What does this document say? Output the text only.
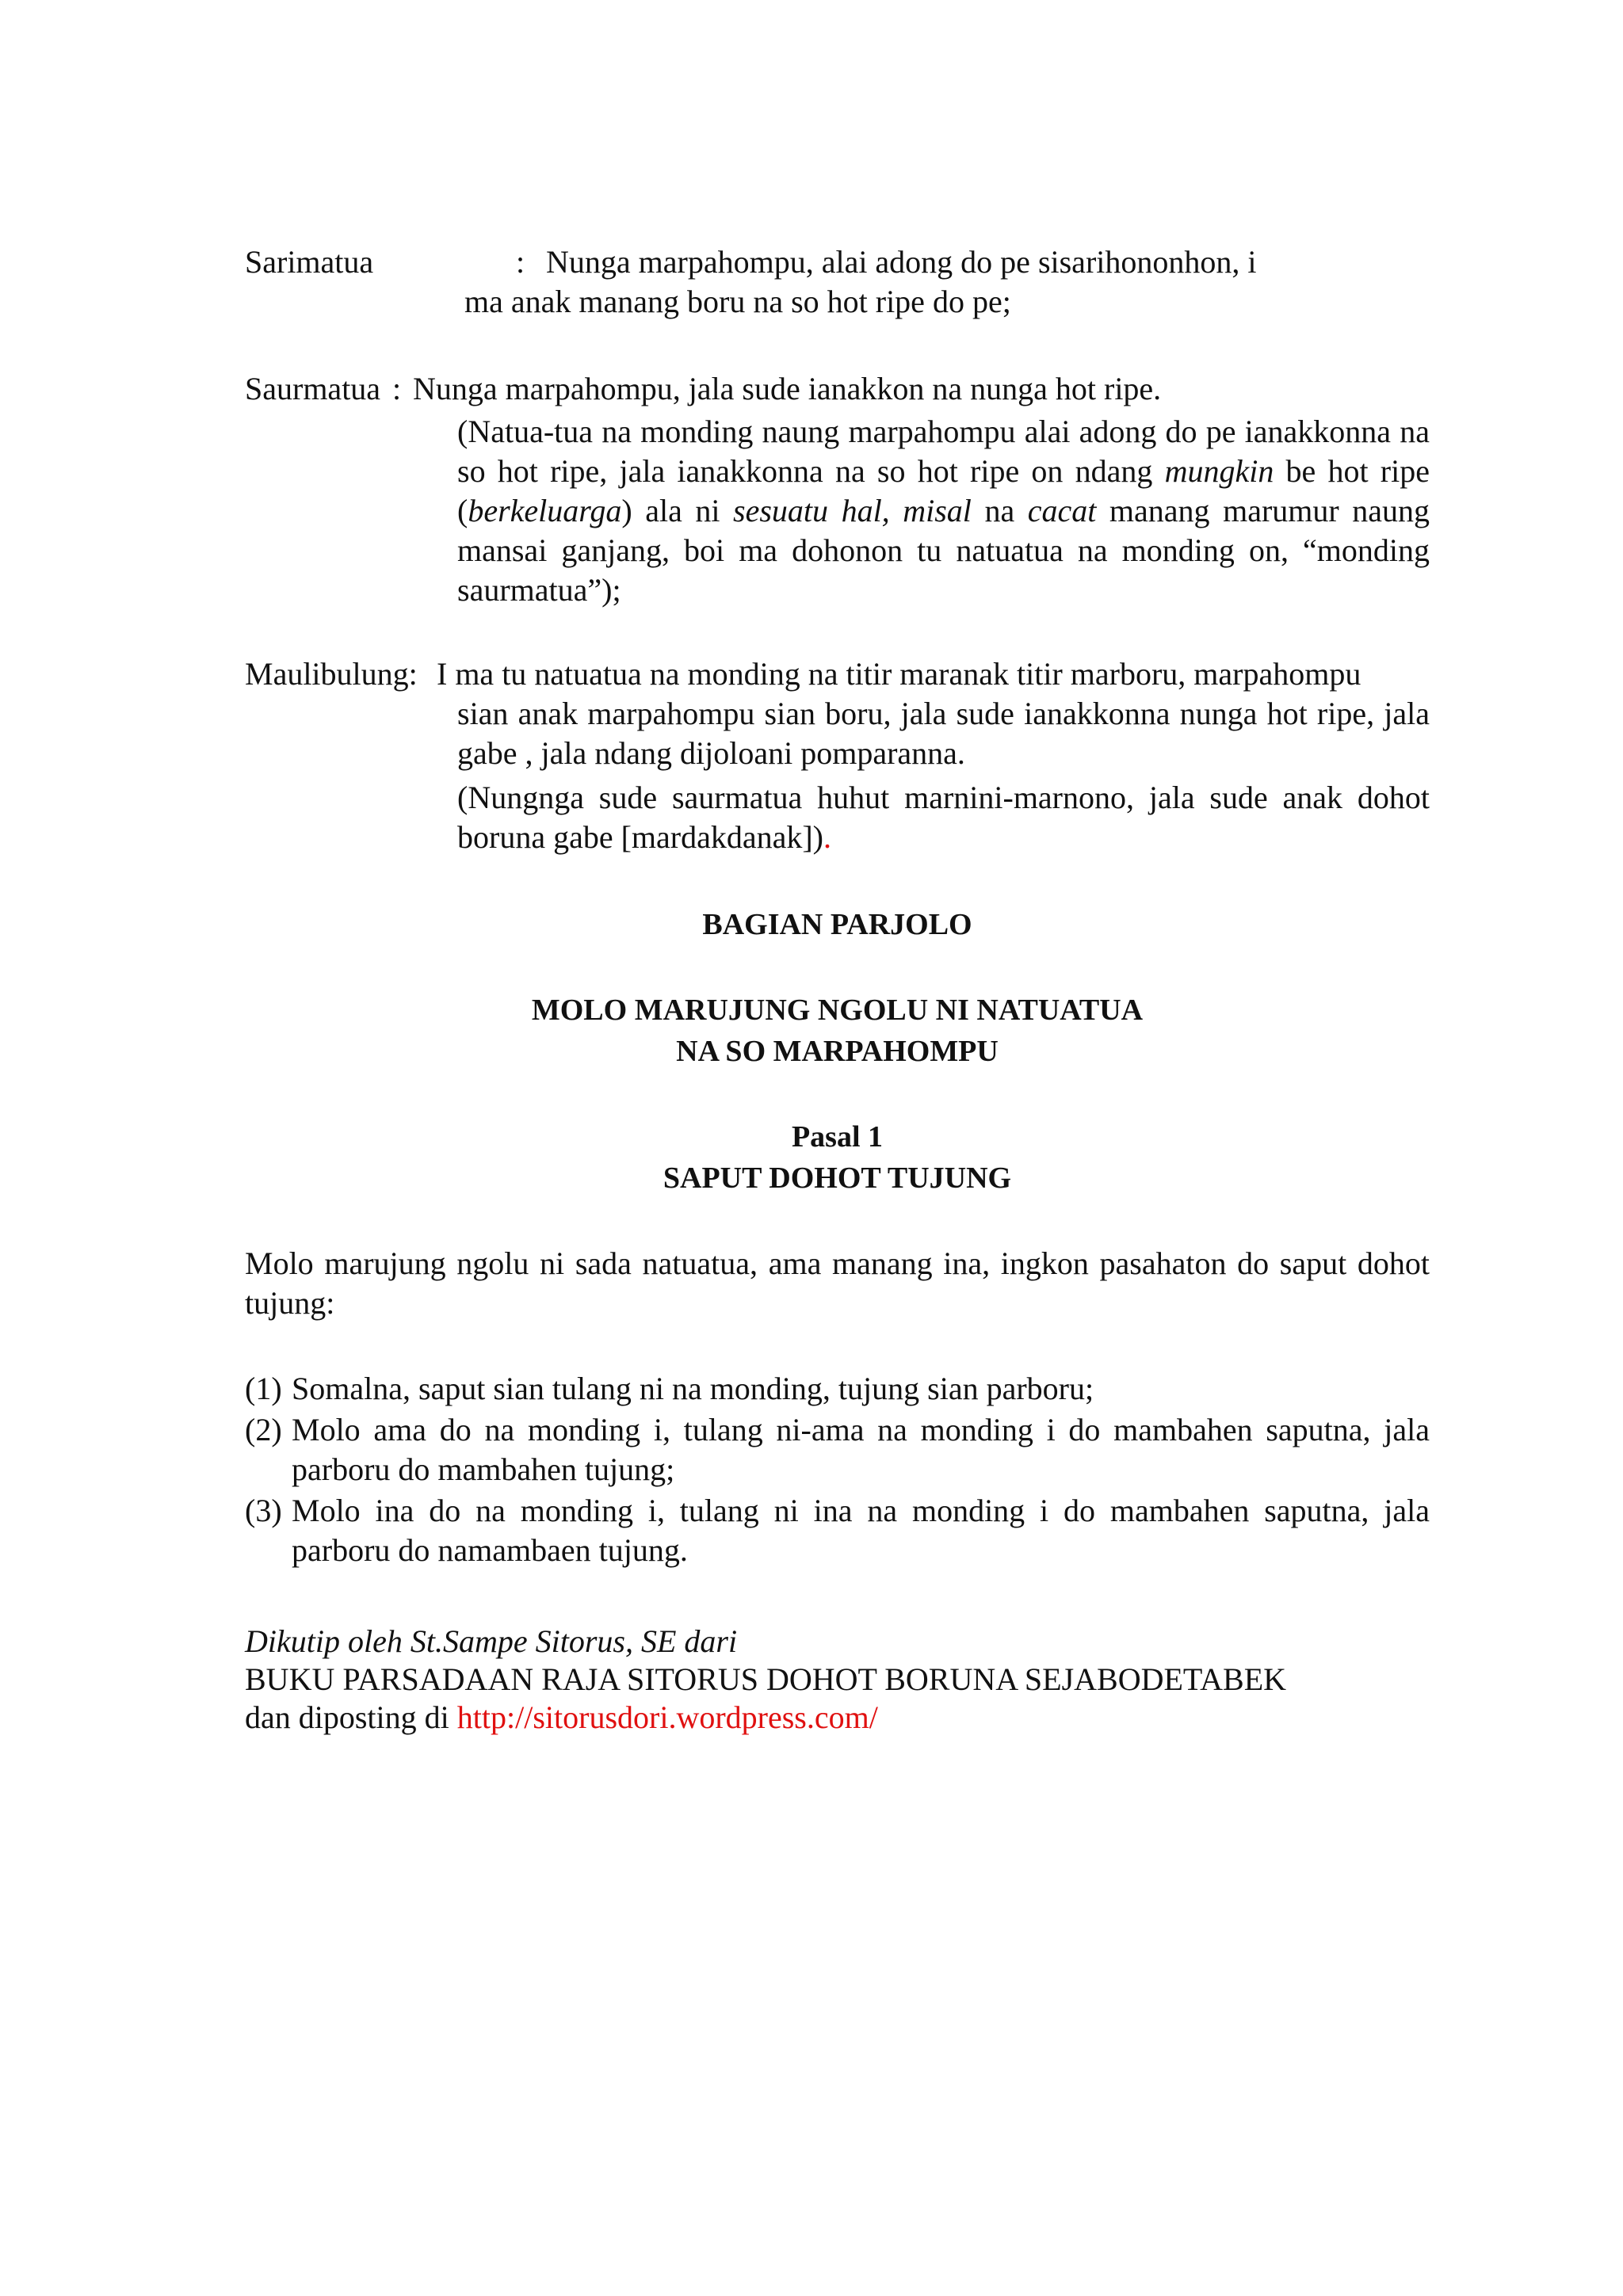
Sarimatua	: Nunga marpahompu, alai adong do pe sisarihononhon, i
ma anak manang boru na so hot ripe do pe;
Saurmatua : Nunga marpahompu, jala sude ianakkon na nunga hot ripe.
(Natua-tua na monding naung marpahompu alai adong do pe ianakkonna na so hot ripe, jala ianakkonna na so hot ripe on ndang mungkin be hot ripe (berkeluarga) ala ni sesuatu hal, misal na cacat manang marumur naung mansai ganjang, boi ma dohonon tu natuatua na monding on, “monding saurmatua”);
Maulibulung: I ma tu natuatua na monding na titir maranak titir marboru, marpahompu
sian anak marpahompu sian boru, jala sude ianakkonna nunga hot ripe, jala gabe , jala ndang dijoloani pomparanna.
(Nungnga sude saurmatua huhut marnini-marnono, jala sude anak dohot boruna gabe [mardakdanak]).
BAGIAN PARJOLO
MOLO MARUJUNG NGOLU NI NATUATUA
NA SO MARPAHOMPU
Pasal 1
SAPUT DOHOT TUJUNG
Molo marujung ngolu ni sada natuatua, ama manang ina, ingkon pasahaton do saput dohot tujung:
(1) Somalna, saput sian tulang ni na monding, tujung sian parboru;
(2) Molo ama do na monding i, tulang ni-ama na monding i do mambahen saputna, jala parboru do mambahen tujung;
(3) Molo ina do na monding i, tulang ni ina na monding i do mambahen saputna, jala parboru do namambaen tujung.
Dikutip oleh St.Sampe Sitorus, SE dari
BUKU PARSADAAN RAJA SITORUS DOHOT BORUNA SEJABODETABEK
dan diposting di http://sitorusdori.wordpress.com/
